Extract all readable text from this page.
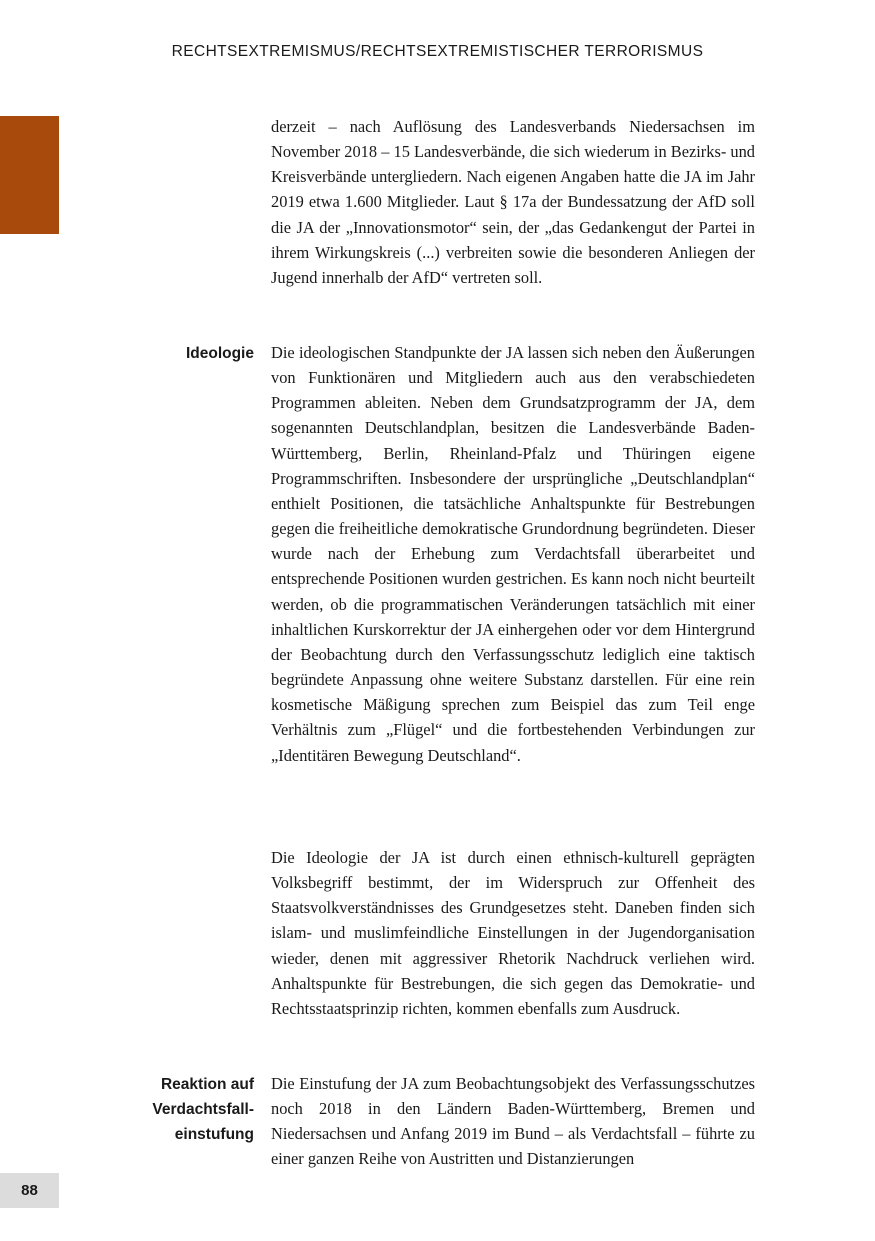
RECHTSEXTREMISMUS/RECHTSEXTREMISTISCHER TERRORISMUS

derzeit – nach Auflösung des Landesverbands Niedersachsen im November 2018 – 15 Landesverbände, die sich wiederum in Bezirks- und Kreisverbände untergliedern. Nach eigenen Angaben hatte die JA im Jahr 2019 etwa 1.600 Mitglieder. Laut § 17a der Bundessatzung der AfD soll die JA der „Innovationsmotor“ sein, der „das Gedankengut der Partei in ihrem Wirkungskreis (...) verbreiten sowie die besonderen Anliegen der Jugend innerhalb der AfD“ vertreten soll.

Ideologie Die ideologischen Standpunkte der JA lassen sich neben den Äußerungen von Funktionären und Mitgliedern auch aus den verabschiedeten Programmen ableiten. Neben dem Grundsatzprogramm der JA, dem sogenannten Deutschlandplan, besitzen die Landesverbände Baden-Württemberg, Berlin, Rheinland-Pfalz und Thüringen eigene Programmschriften. Insbesondere der ursprüngliche „Deutschlandplan“ enthielt Positionen, die tatsächliche Anhaltspunkte für Bestrebungen gegen die freiheitliche demokratische Grundordnung begründeten. Dieser wurde nach der Erhebung zum Verdachtsfall überarbeitet und entsprechende Positionen wurden gestrichen. Es kann noch nicht beurteilt werden, ob die programmatischen Veränderungen tatsächlich mit einer inhaltlichen Kurskorrektur der JA einhergehen oder vor dem Hintergrund der Beobachtung durch den Verfassungsschutz lediglich eine taktisch begründete Anpassung ohne weitere Substanz darstellen. Für eine rein kosmetische Mäßigung sprechen zum Beispiel das zum Teil enge Verhältnis zum „Flügel“ und die fortbestehenden Verbindungen zur „Identitären Bewegung Deutschland“.

Die Ideologie der JA ist durch einen ethnisch-kulturell geprägten Volksbegriff bestimmt, der im Widerspruch zur Offenheit des Staatsvolkverständnisses des Grundgesetzes steht. Daneben finden sich islam- und muslimfeindliche Einstellungen in der Jugendorganisation wieder, denen mit aggressiver Rhetorik Nachdruck verliehen wird. Anhaltspunkte für Bestrebungen, die sich gegen das Demokratie- und Rechtsstaatsprinzip richten, kommen ebenfalls zum Ausdruck.

Reaktion auf
Verdachtsfall-
einstufung

Die Einstufung der JA zum Beobachtungsobjekt des Verfassungsschutzes noch 2018 in den Ländern Baden-Württemberg, Bremen und Niedersachsen und Anfang 2019 im Bund – als Verdachtsfall – führte zu einer ganzen Reihe von Austritten und Distanzierungen

88
